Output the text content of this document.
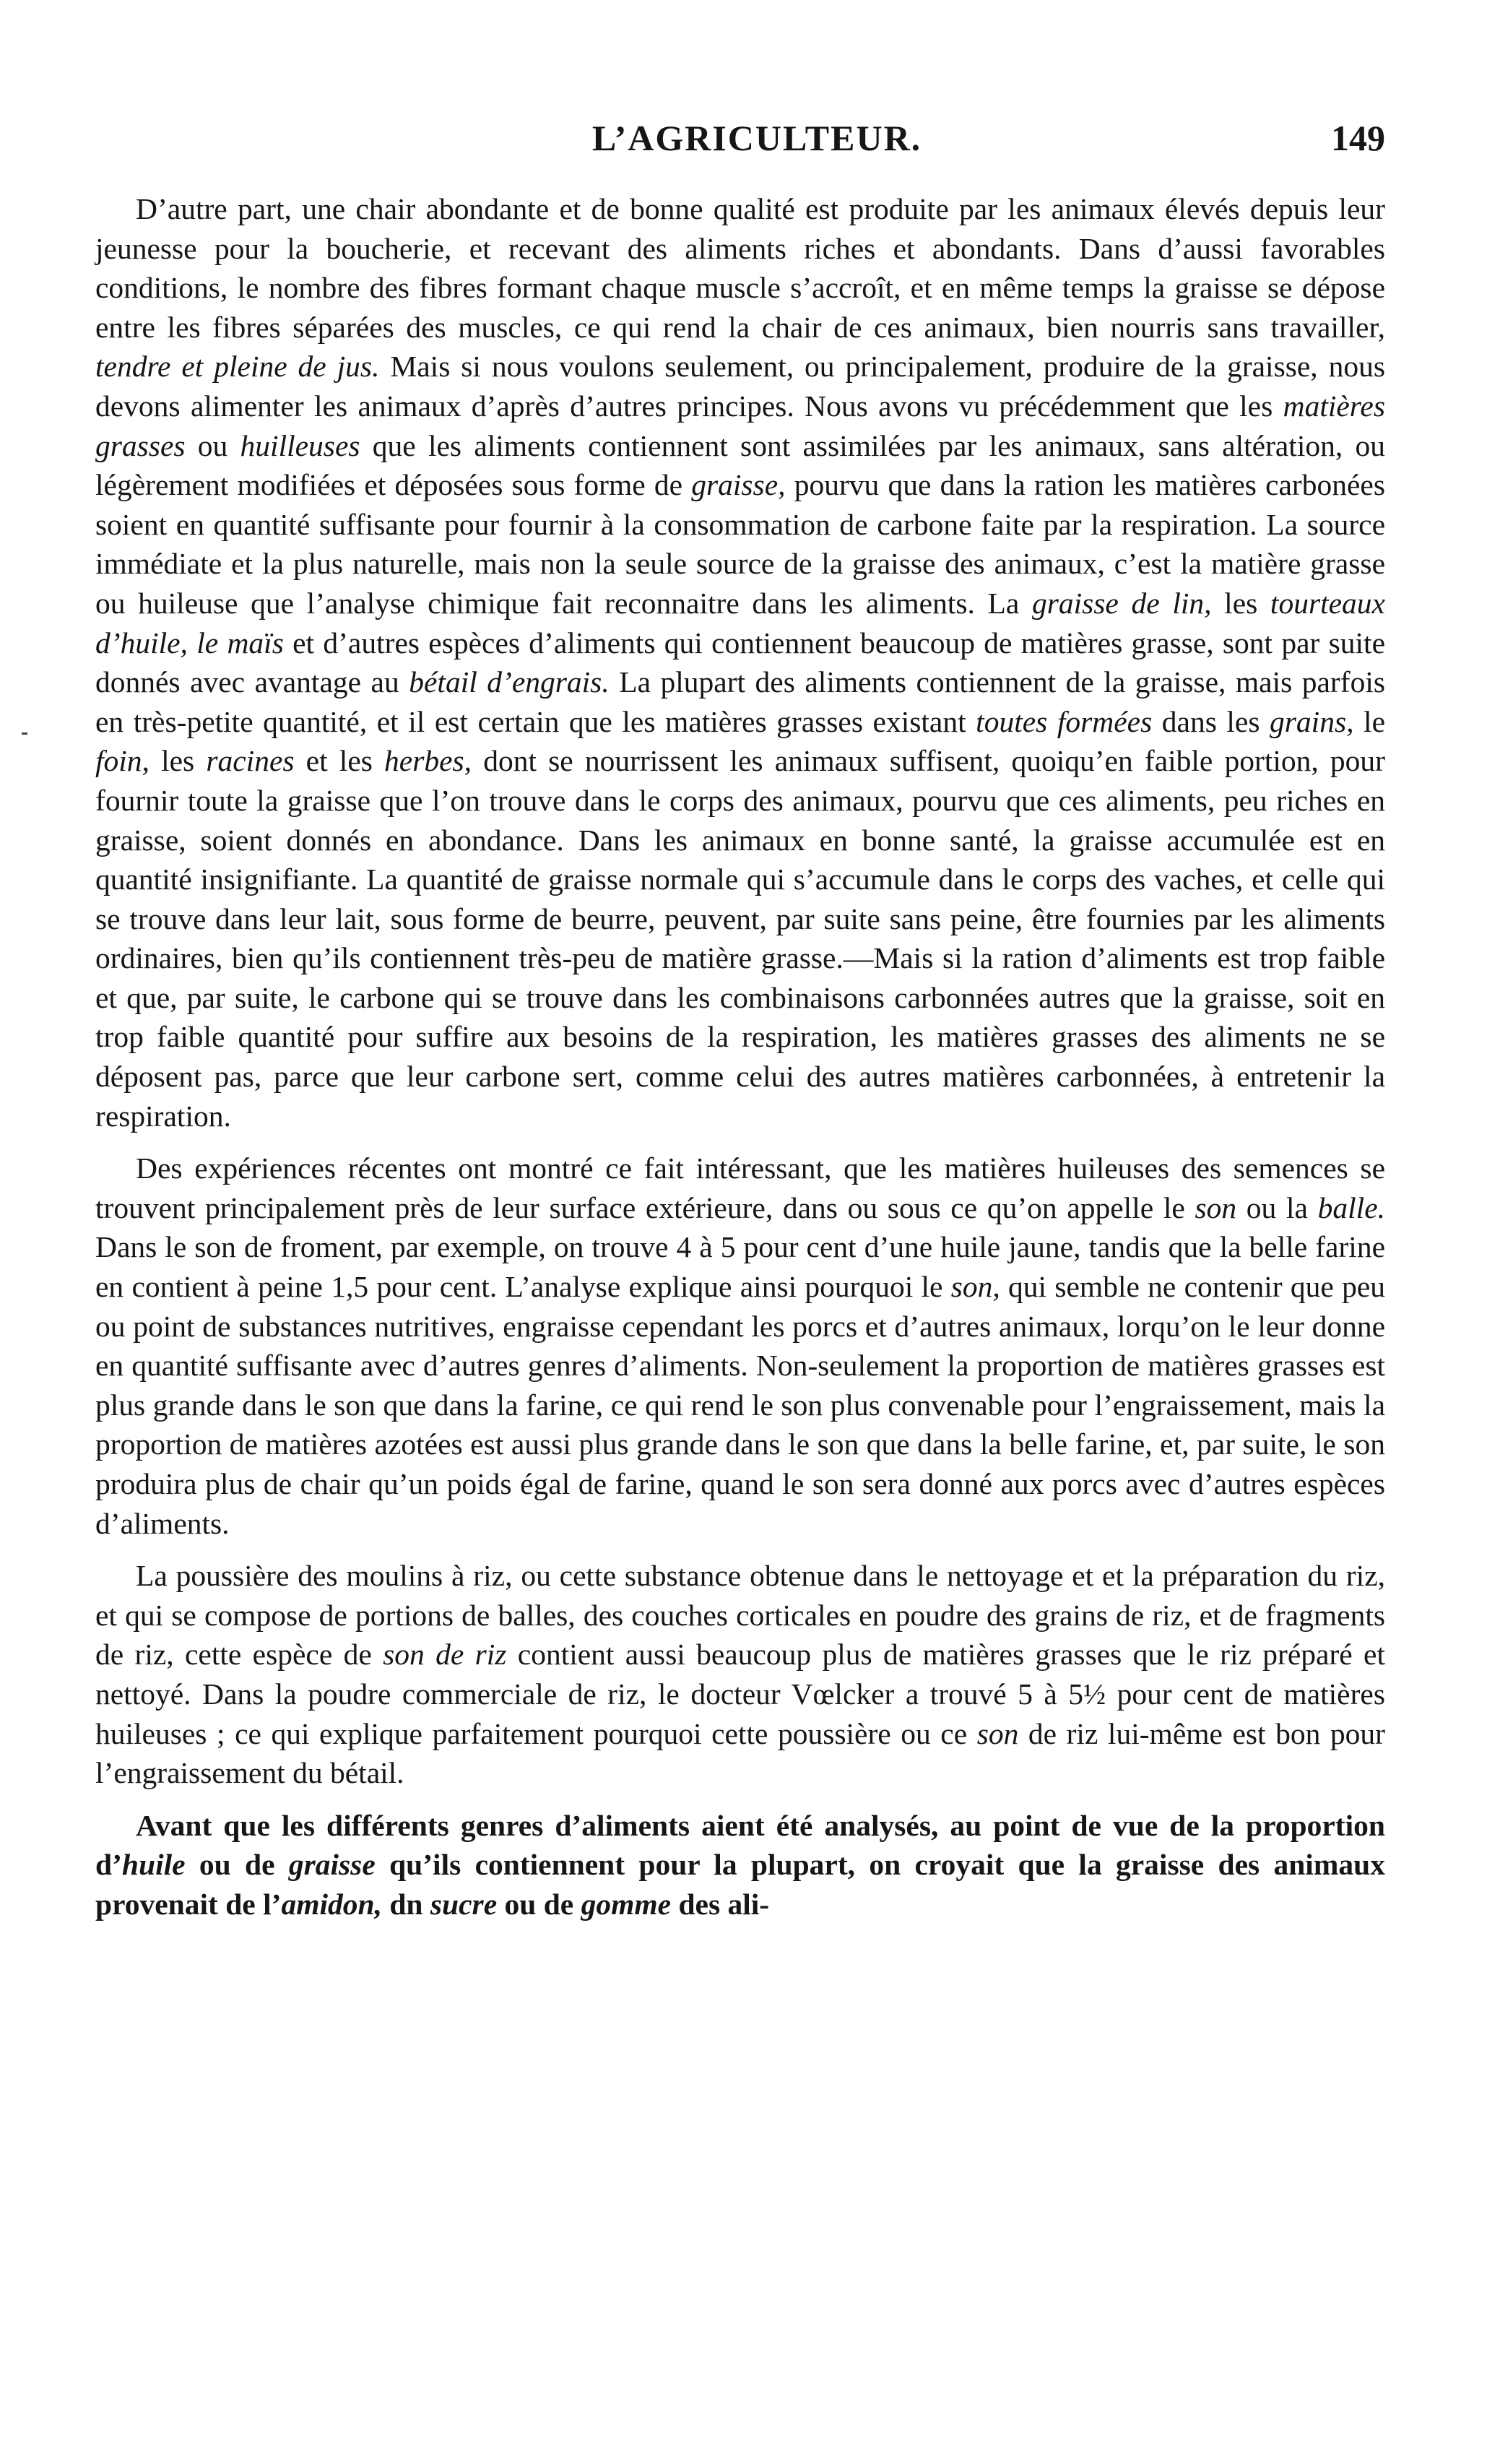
L’AGRICULTEUR.	149

D’autre part, une chair abondante et de bonne qualité est produite par les animaux élevés depuis leur jeunesse pour la boucherie, et recevant des aliments riches et abondants. Dans d’aussi favorables conditions, le nombre des fibres formant chaque muscle s’accroît, et en même temps la graisse se dépose entre les fibres séparées des muscles, ce qui rend la chair de ces animaux, bien nourris sans travailler, tendre et pleine de jus. Mais si nous voulons seulement, ou principalement, produire de la graisse, nous devons alimenter les animaux d’après d’autres principes. Nous avons vu précédemment que les matières grasses ou huilleuses que les aliments contiennent sont assimilées par les animaux, sans altération, ou légèrement modifiées et déposées sous forme de graisse, pourvu que dans la ration les matières carbonées soient en quantité suffisante pour fournir à la consommation de carbone faite par la respiration. La source immédiate et la plus naturelle, mais non la seule source de la graisse des animaux, c’est la matière grasse ou huileuse que l’analyse chimique fait reconnaitre dans les aliments. La graisse de lin, les tourteaux d’huile, le maïs et d’autres espèces d’aliments qui contiennent beaucoup de matières grasse, sont par suite donnés avec avantage au bétail d’engrais. La plupart des aliments contiennent de la graisse, mais parfois en très-petite quantité, et il est certain que les matières grasses existant toutes formées dans les grains, le foin, les racines et les herbes, dont se nourrissent les animaux suffisent, quoiqu’en faible portion, pour fournir toute la graisse que l’on trouve dans le corps des animaux, pourvu que ces aliments, peu riches en graisse, soient donnés en abondance. Dans les animaux en bonne santé, la graisse accumulée est en quantité insignifiante. La quantité de graisse normale qui s’accumule dans le corps des vaches, et celle qui se trouve dans leur lait, sous forme de beurre, peuvent, par suite sans peine, être fournies par les aliments ordinaires, bien qu’ils contiennent très-peu de matière grasse.—Mais si la ration d’aliments est trop faible et que, par suite, le carbone qui se trouve dans les combinaisons carbonnées autres que la graisse, soit en trop faible quantité pour suffire aux besoins de la respiration, les matières grasses des aliments ne se déposent pas, parce que leur carbone sert, comme celui des autres matières carbonnées, à entretenir la respiration.

Des expériences récentes ont montré ce fait intéressant, que les matières huileuses des semences se trouvent principalement près de leur surface extérieure, dans ou sous ce qu’on appelle le son ou la balle. Dans le son de froment, par exemple, on trouve 4 à 5 pour cent d’une huile jaune, tandis que la belle farine en contient à peine 1,5 pour cent. L’analyse explique ainsi pourquoi le son, qui semble ne contenir que peu ou point de substances nutritives, engraisse cependant les porcs et d’autres animaux, lorqu’on le leur donne en quantité suffisante avec d’autres genres d’aliments. Non-seulement la proportion de matières grasses est plus grande dans le son que dans la farine, ce qui rend le son plus convenable pour l’engraissement, mais la proportion de matières azotées est aussi plus grande dans le son que dans la belle farine, et, par suite, le son produira plus de chair qu’un poids égal de farine, quand le son sera donné aux porcs avec d’autres espèces d’aliments.

La poussière des moulins à riz, ou cette substance obtenue dans le nettoyage et et la préparation du riz, et qui se compose de portions de balles, des couches corticales en poudre des grains de riz, et de fragments de riz, cette espèce de son de riz contient aussi beaucoup plus de matières grasses que le riz préparé et nettoyé. Dans la poudre commerciale de riz, le docteur Vœlcker a trouvé 5 à 5½ pour cent de matières huileuses ; ce qui explique parfaitement pourquoi cette poussière ou ce son de riz lui-même est bon pour l’engraissement du bétail.

Avant que les différents genres d’aliments aient été analysés, au point de vue de la proportion d’huile ou de graisse qu’ils contiennent pour la plupart, on croyait que la graisse des animaux provenait de l’amidon, dn sucre ou de gomme des ali-
